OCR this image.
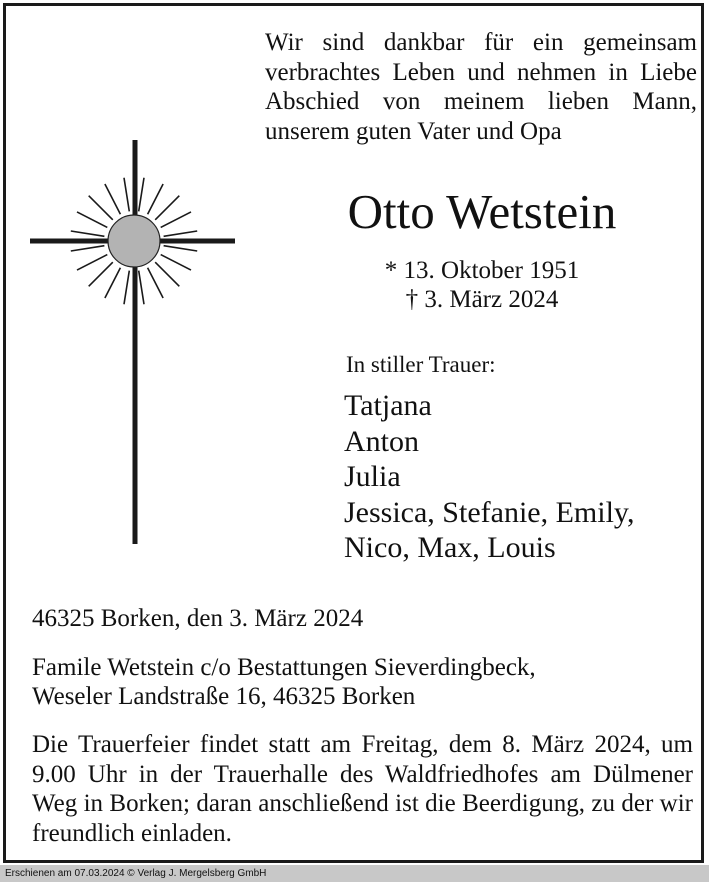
Wir sind dankbar für ein gemeinsam verbrachtes Leben und nehmen in Liebe Abschied von meinem lieben Mann, unserem guten Vater und Opa
Otto Wetstein
* 13. Oktober 1951
† 3. März 2024
In stiller Trauer:
Tatjana
Anton
Julia
Jessica, Stefanie, Emily,
Nico, Max, Louis
46325 Borken, den 3. März 2024
Famile Wetstein c/o Bestattungen Sieverdingbeck,
Weseler Landstraße 16, 46325 Borken
Die Trauerfeier findet statt am Freitag, dem 8. März 2024, um 9.00 Uhr in der Trauerhalle des Waldfriedhofes am Dülmener Weg in Borken; daran anschließend ist die Beerdigung, zu der wir freundlich einladen.
Erschienen am 07.03.2024 © Verlag J. Mergelsberg GmbH
